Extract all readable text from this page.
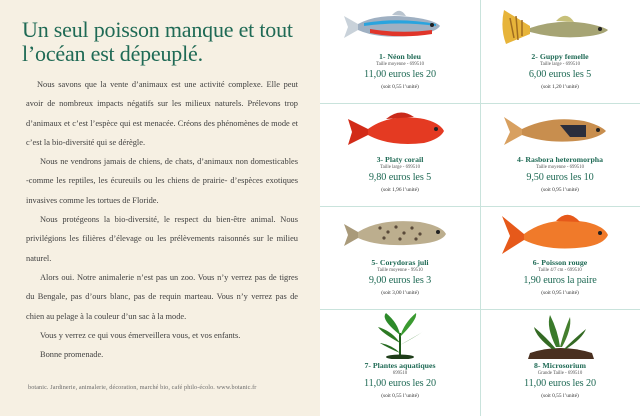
Un seul poisson manque et tout l’océan est dépeuplé.

Nous savons que la vente d’animaux est une activité complexe. Elle peut avoir de nombreux impacts négatifs sur les milieux naturels. Prélevons trop d’animaux et c’est l’espèce qui est menacée. Créons des phénomènes de mode et c’est la bio-diversité qui se dérègle.

Nous ne vendrons jamais de chiens, de chats, d’animaux non domesticables -comme les reptiles, les écureuils ou les chiens de prairie- d’espèces exotiques invasives comme les tortues de Floride.

Nous protégeons la bio-diversité, le respect du bien-être animal. Nous privilégions les filières d’élevage ou les prélèvements raisonnés sur le milieu naturel.

Alors oui. Notre animalerie n’est pas un zoo. Vous n’y verrez pas de tigres du Bengale, pas d’ours blanc, pas de requin marteau. Vous n’y verrez pas de chien au pelage à la couleur d’un sac à la mode.

Vous y verrez ce qui vous émerveillera vous, et vos enfants.

Bonne promenade.

botanic. Jardinerie, animalerie, décoration, marché bio, café philo-écolo. www.botanic.fr
1- Néon bleu
Taille moyenne - 699510
11,00 euros les 20
(soit 0,55 l’unité)
2- Guppy femelle
Taille large - 699510
6,00 euros les 5
(soit 1,20 l’unité)
3- Platy corail
Taille large - 699510
9,80 euros les 5
(soit 1,96 l’unité)
4- Rasbora heteromorpha
Taille moyenne - 699510
9,50 euros les 10
(soit 0,95 l’unité)
5- Corydoras juli
Taille moyenne - 99510
9,00 euros les 3
(soit 3,00 l’unité)
6- Poisson rouge
Taille 4/7 cm - 699510
1,90 euros la paire
(soit 0,95 l’unité)
7- Plantes aquatiques
699510
11,00 euros les 20
(soit 0,55 l’unité)
8- Microsorium
Grande Taille - 699510
11,00 euros les 20
(soit 0,55 l’unité)
